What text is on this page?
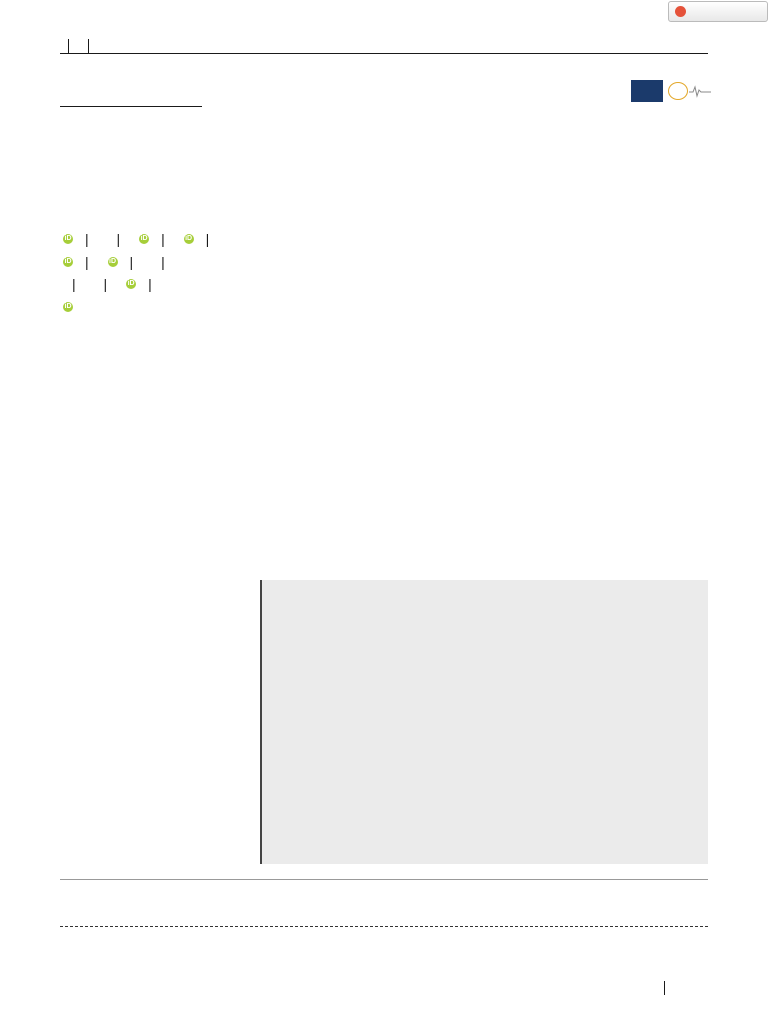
iD | |	iD |	iD |
iD |	iD | |
| |	iD |
iD
